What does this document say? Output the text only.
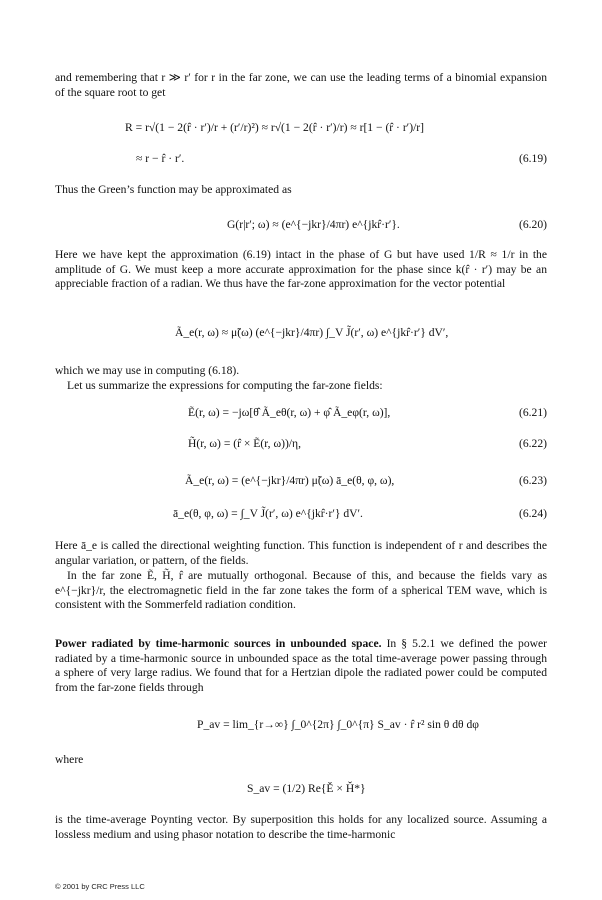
and remembering that r ≫ r′ for r in the far zone, we can use the leading terms of a binomial expansion of the square root to get

R = r√(1 − 2(r̂ · r′)/r + (r′/r)²) ≈ r√(1 − 2(r̂ · r′)/r) ≈ r[1 − (r̂ · r′)/r]
≈ r − r̂ · r′.	(6.19)

Thus the Green’s function may be approximated as

G(r|r′; ω) ≈ (e^{−jkr}/4πr) e^{jkr̂·r′}.	(6.20)

Here we have kept the approximation (6.19) intact in the phase of G but have used 1/R ≈ 1/r in the amplitude of G. We must keep a more accurate approximation for the phase since k(r̂ · r′) may be an appreciable fraction of a radian. We thus have the far-zone approximation for the vector potential

Ã_e(r, ω) ≈ μ̃(ω) (e^{−jkr}/4πr) ∫_V J̃(r′, ω) e^{jkr̂·r′} dV′,

which we may use in computing (6.18).

Let us summarize the expressions for computing the far-zone fields:

Ẽ(r, ω) = −jω[θ̂ Ã_eθ(r, ω) + φ̂ Ã_eφ(r, ω)],	(6.21)
H̃(r, ω) = (r̂ × Ẽ(r, ω))/η,	(6.22)
Ã_e(r, ω) = (e^{−jkr}/4πr) μ̃(ω) ā_e(θ, φ, ω),	(6.23)
ā_e(θ, φ, ω) = ∫_V J̃(r′, ω) e^{jkr̂·r′} dV′.	(6.24)

Here ā_e is called the directional weighting function. This function is independent of r and describes the angular variation, or pattern, of the fields.

In the far zone Ẽ, H̃, r̂ are mutually orthogonal. Because of this, and because the fields vary as e^{−jkr}/r, the electromagnetic field in the far zone takes the form of a spherical TEM wave, which is consistent with the Sommerfeld radiation condition.

Power radiated by time-harmonic sources in unbounded space. In § 5.2.1 we defined the power radiated by a time-harmonic source in unbounded space as the total time-average power passing through a sphere of very large radius. We found that for a Hertzian dipole the radiated power could be computed from the far-zone fields through

P_av = lim_{r→∞} ∫_0^{2π} ∫_0^{π} S_av · r̂ r² sin θ dθ dφ

where

S_av = (1/2) Re{Ě × Ȟ*}

is the time-average Poynting vector. By superposition this holds for any localized source. Assuming a lossless medium and using phasor notation to describe the time-harmonic

© 2001 by CRC Press LLC
